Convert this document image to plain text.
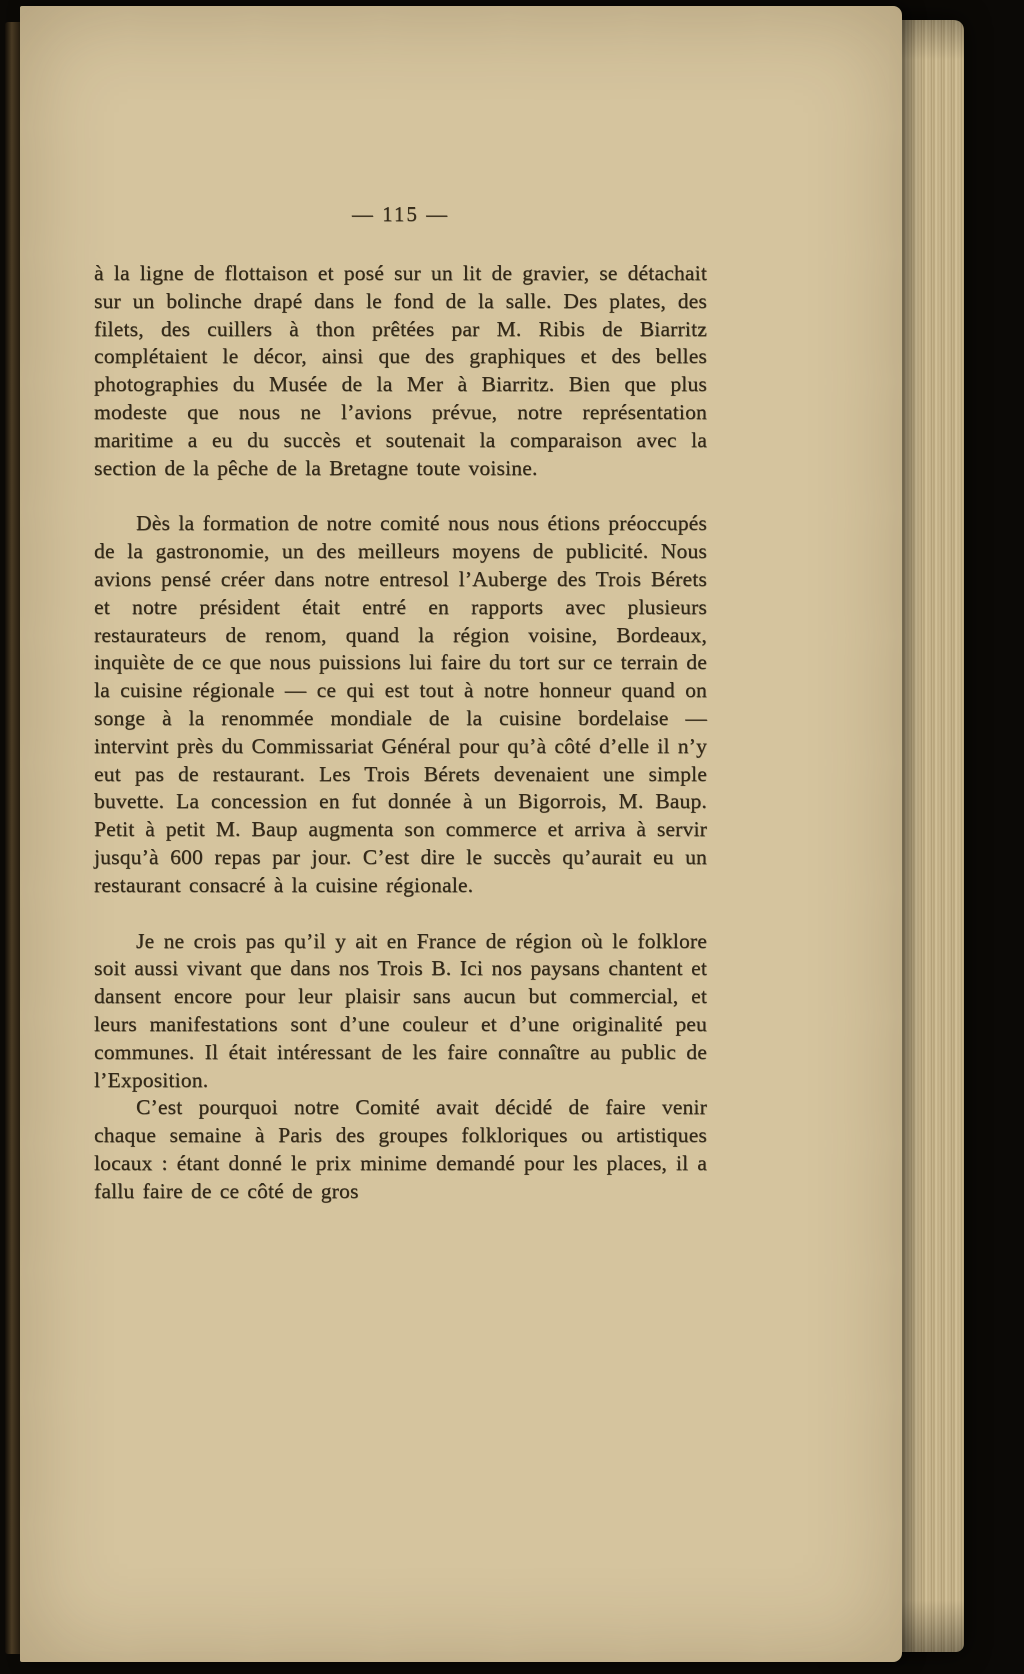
— 115 —

à la ligne de flottaison et posé sur un lit de gravier, se détachait sur un bolinche drapé dans le fond de la salle. Des plates, des filets, des cuillers à thon prêtées par M. Ribis de Biarritz complétaient le décor, ainsi que des graphiques et des belles photographies du Musée de la Mer à Biarritz. Bien que plus modeste que nous ne l’avions prévue, notre représentation maritime a eu du succès et soutenait la comparaison avec la section de la pêche de la Bretagne toute voisine.

Dès la formation de notre comité nous nous étions préoccupés de la gastronomie, un des meilleurs moyens de publicité. Nous avions pensé créer dans notre entresol l’Auberge des Trois Bérets et notre président était entré en rapports avec plusieurs restaurateurs de renom, quand la région voisine, Bordeaux, inquiète de ce que nous puissions lui faire du tort sur ce terrain de la cuisine régionale — ce qui est tout à notre honneur quand on songe à la renommée mondiale de la cuisine bordelaise — intervint près du Commissariat Général pour qu’à côté d’elle il n’y eut pas de restaurant. Les Trois Bérets devenaient une simple buvette. La concession en fut donnée à un Bigorrois, M. Baup. Petit à petit M. Baup augmenta son commerce et arriva à servir jusqu’à 600 repas par jour. C’est dire le succès qu’aurait eu un restaurant consacré à la cuisine régionale.

Je ne crois pas qu’il y ait en France de région où le folklore soit aussi vivant que dans nos Trois B. Ici nos paysans chantent et dansent encore pour leur plaisir sans aucun but commercial, et leurs manifestations sont d’une couleur et d’une originalité peu communes. Il était intéressant de les faire connaître au public de l’Exposition.

C’est pourquoi notre Comité avait décidé de faire venir chaque semaine à Paris des groupes folkloriques ou artistiques locaux : étant donné le prix minime demandé pour les places, il a fallu faire de ce côté de gros
